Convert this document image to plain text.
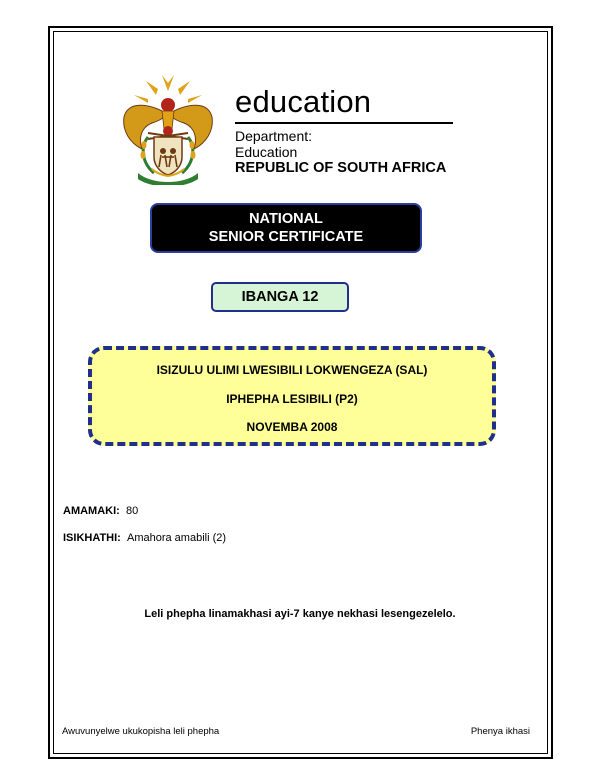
education
Department:
Education
REPUBLIC OF SOUTH AFRICA
NATIONAL
SENIOR CERTIFICATE
IBANGA 12
ISIZULU ULIMI LWESIBILI LOKWENGEZA (SAL)
IPHEPHA LESIBILI (P2)
NOVEMBA 2008
AMAMAKI: 80
ISIKHATHI: Amahora amabili (2)
Leli phepha linamakhasi ayi-7 kanye nekhasi lesengezelelo.
Awuvunyelwe ukukopisha leli phepha	Phenya ikhasi
